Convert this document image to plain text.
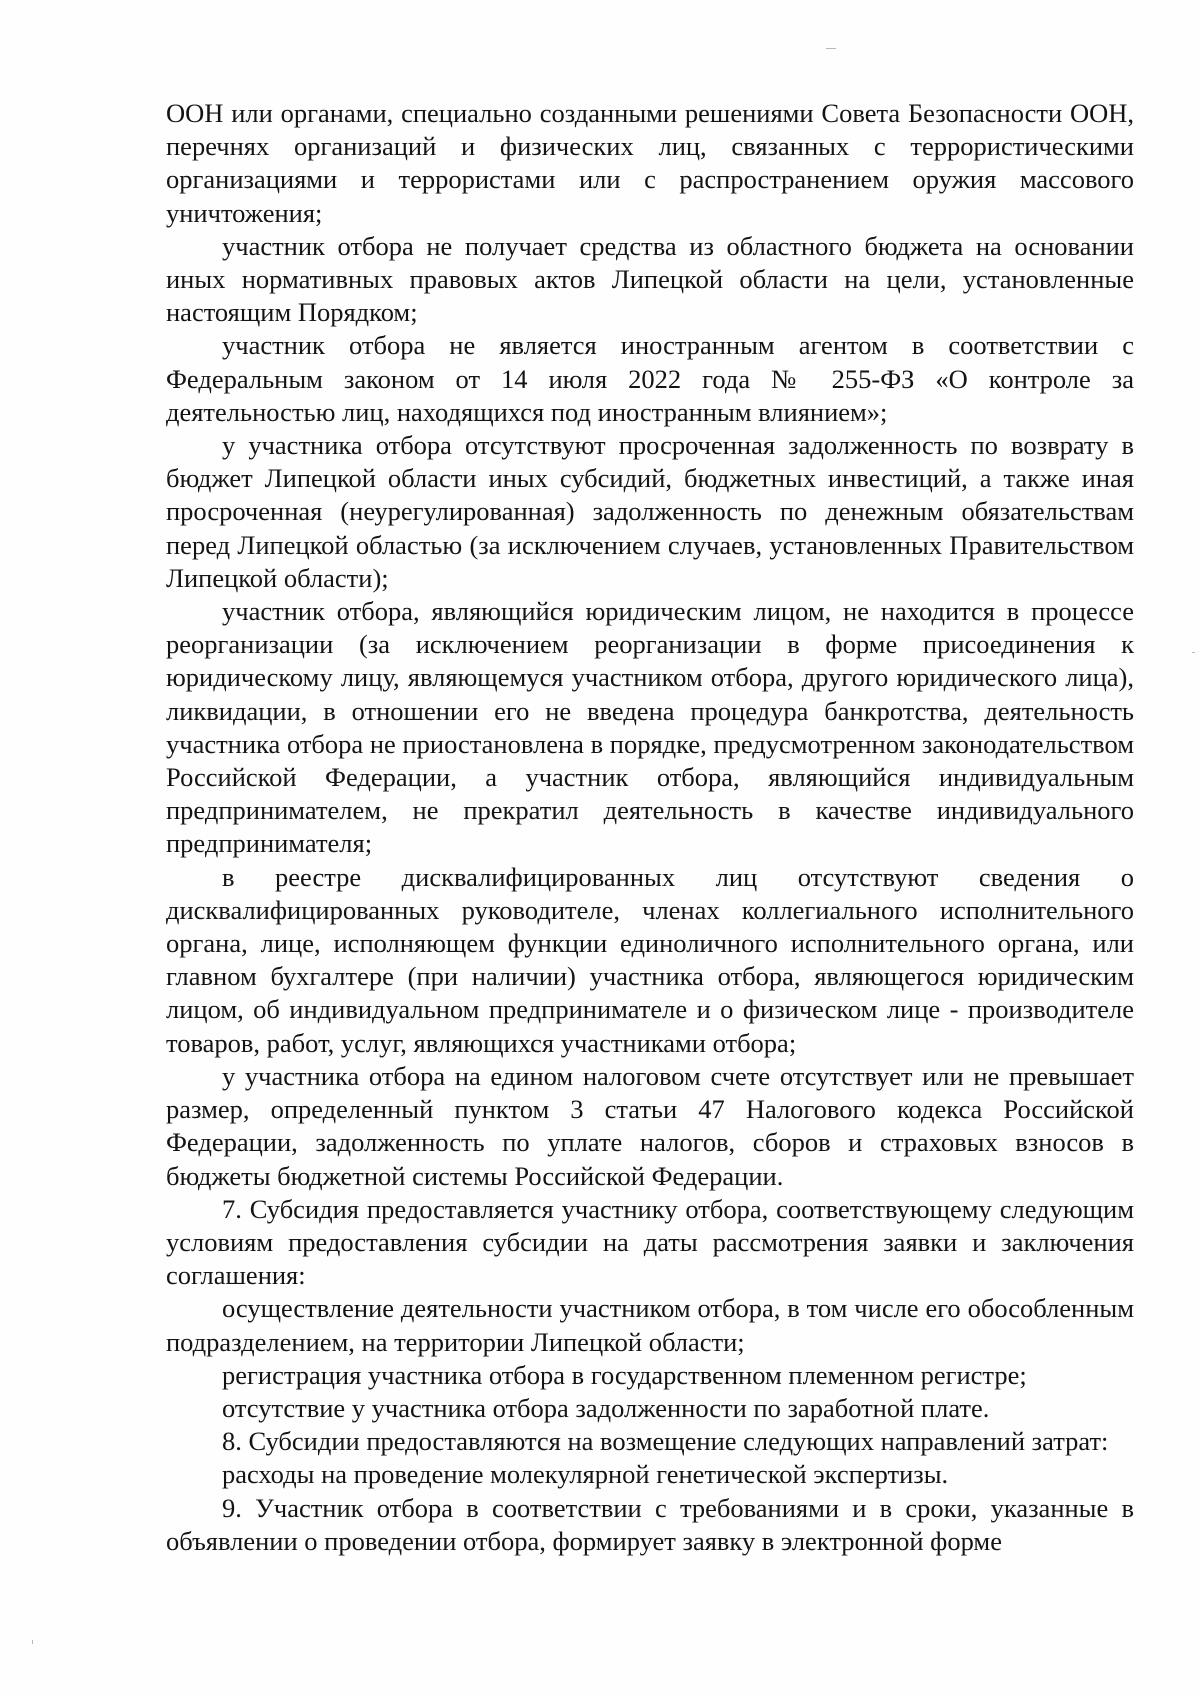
ООН или органами, специально созданными решениями Совета Безопасности ООН, перечнях организаций и физических лиц, связанных с террористическими организациями и террористами или с распространением оружия массового уничтожения;

участник отбора не получает средства из областного бюджета на основании иных нормативных правовых актов Липецкой области на цели, установленные настоящим Порядком;

участник отбора не является иностранным агентом в соответствии с Федеральным законом от 14 июля 2022 года № 255-ФЗ «О контроле за деятельностью лиц, находящихся под иностранным влиянием»;

у участника отбора отсутствуют просроченная задолженность по возврату в бюджет Липецкой области иных субсидий, бюджетных инвестиций, а также иная просроченная (неурегулированная) задолженность по денежным обязательствам перед Липецкой областью (за исключением случаев, установленных Правительством Липецкой области);

участник отбора, являющийся юридическим лицом, не находится в процессе реорганизации (за исключением реорганизации в форме присоединения к юридическому лицу, являющемуся участником отбора, другого юридического лица), ликвидации, в отношении его не введена процедура банкротства, деятельность участника отбора не приостановлена в порядке, предусмотренном законодательством Российской Федерации, а участник отбора, являющийся индивидуальным предпринимателем, не прекратил деятельность в качестве индивидуального предпринимателя;

в реестре дисквалифицированных лиц отсутствуют сведения о дисквалифицированных руководителе, членах коллегиального исполнительного органа, лице, исполняющем функции единоличного исполнительного органа, или главном бухгалтере (при наличии) участника отбора, являющегося юридическим лицом, об индивидуальном предпринимателе и о физическом лице - производителе товаров, работ, услуг, являющихся участниками отбора;

у участника отбора на едином налоговом счете отсутствует или не превышает размер, определенный пунктом 3 статьи 47 Налогового кодекса Российской Федерации, задолженность по уплате налогов, сборов и страховых взносов в бюджеты бюджетной системы Российской Федерации.

7. Субсидия предоставляется участнику отбора, соответствующему следующим условиям предоставления субсидии на даты рассмотрения заявки и заключения соглашения:

осуществление деятельности участником отбора, в том числе его обособленным подразделением, на территории Липецкой области;

регистрация участника отбора в государственном племенном регистре;

отсутствие у участника отбора задолженности по заработной плате.

8. Субсидии предоставляются на возмещение следующих направлений затрат:

расходы на проведение молекулярной генетической экспертизы.

9. Участник отбора в соответствии с требованиями и в сроки, указанные в объявлении о проведении отбора, формирует заявку в электронной форме
